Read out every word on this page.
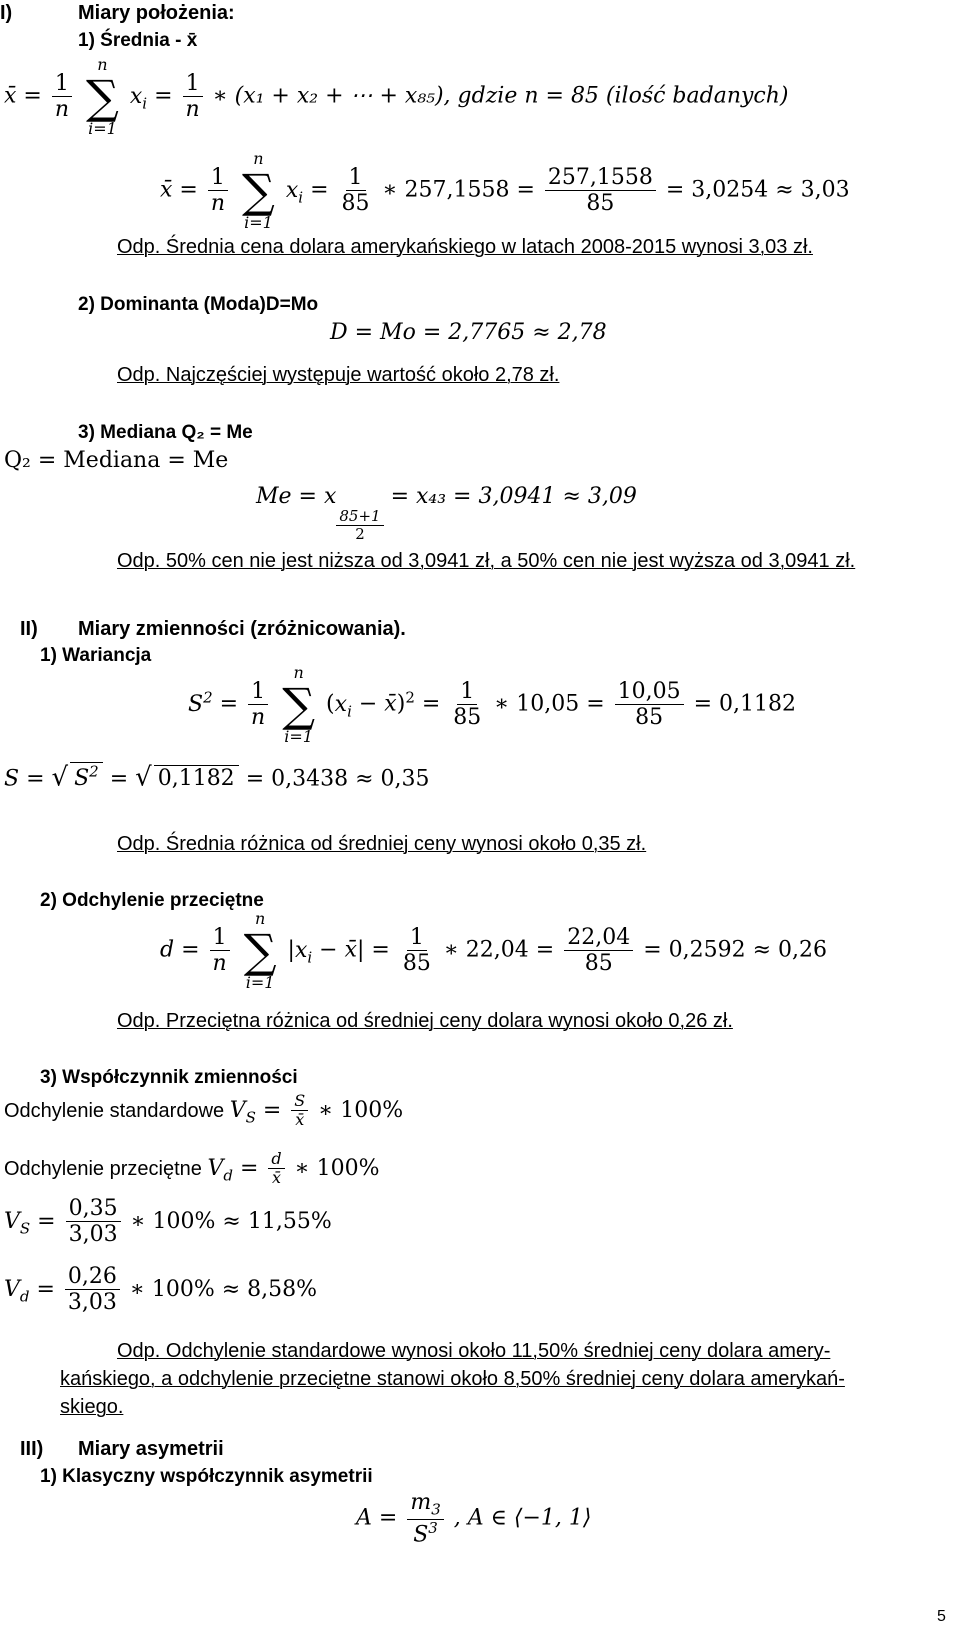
I)	Miary położenia:
1) Średnia - x̄
x̄ = $\frac{1}{n}$

n
∑
i=1
$x_i = \frac{1}{n}$ ∗ (x₁ + x₂ + ⋯ + x₈₅), gdzie n = 85 (ilość badanych)
x̄ = $\frac{1}{n}$

n
∑
i=1
$x_i = \frac{1}{85}$ ∗ $257,1558 = \frac{257,1558}{85} = 3,0254 \approx 3,03$
Odp. Średnia cena dolara amerykańskiego w latach 2008-2015 wynosi 3,03 zł.
2) Dominanta (Moda)D=Mo
D = Mo = 2,7765 ≈ 2,78
Odp. Najczęściej występuje wartość około 2,78 zł.
3) Mediana Q₂ = Me
Q₂ = Mediana = Me
Me = x
$\frac{85+1}{2}$
= x₄₃ = 3,0941 ≈ 3,09
Odp. 50% cen nie jest niższa od 3,0941 zł, a 50% cen nie jest wyższa od 3,0941 zł.
II) Miary zmienności (zróżnicowania).
1) Wariancja
$S^2 = \frac{1}{n}$

n
∑
i=1
($x_i$ − x̄)$^2$ = $\frac{1}{85}$ ∗ $10,05 = \frac{10,05}{85} = 0,1182$
S = √ $S^2$ = √ 0,1182 = 0,3438 ≈ 0,35
Odp. Średnia różnica od średniej ceny wynosi około 0,35 zł.
2) Odchylenie przeciętne
$d = \frac{1}{n}$

n
∑
i=1
$|x_i$ − x̄| = $\frac{1}{85}$ ∗ $22,04 = \frac{22,04}{85} = 0,2592 \approx 0,26$
Odp. Przeciętna różnica od średniej ceny dolara wynosi około 0,26 zł.
3) Współczynnik zmienności
Odchylenie standardowe $V_S = \frac{S}{x̄}$ ∗ 100%
Odchylenie przeciętne $V_d = \frac{d}{x̄}$ ∗ 100%
$V_S = \frac{0,35}{3,03}$ ∗ 100% ≈ 11,55%
$V_d = \frac{0,26}{3,03}$ ∗ 100% ≈ 8,58%
Odp. Odchylenie standardowe wynosi około 11,50% średniej ceny dolara amery-
kańskiego, a odchylenie przeciętne stanowi około 8,50% średniej ceny dolara amerykań-
skiego.
III) Miary asymetrii
1) Klasyczny współczynnik asymetrii
$A = \frac{m_3}{S^3}$ , A ∈ ⟨−1, 1⟩
5
